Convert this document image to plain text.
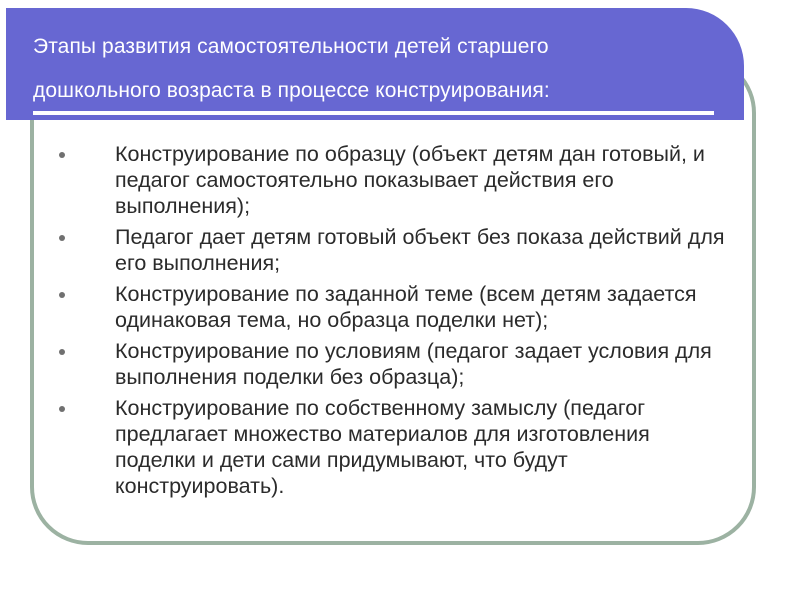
Этапы развития самостоятельности детей старшего

дошкольного возраста в процессе конструирования:

Конструирование по образцу (объект детям дан готовый, и педагог самостоятельно показывает действия его выполнения);
Педагог дает детям готовый объект без показа действий для его выполнения;
Конструирование по заданной теме (всем детям задается одинаковая тема, но образца поделки нет);
Конструирование по условиям (педагог задает условия для выполнения поделки без образца);
Конструирование по собственному замыслу (педагог предлагает множество материалов для изготовления поделки и дети сами придумывают, что будут конструировать).
